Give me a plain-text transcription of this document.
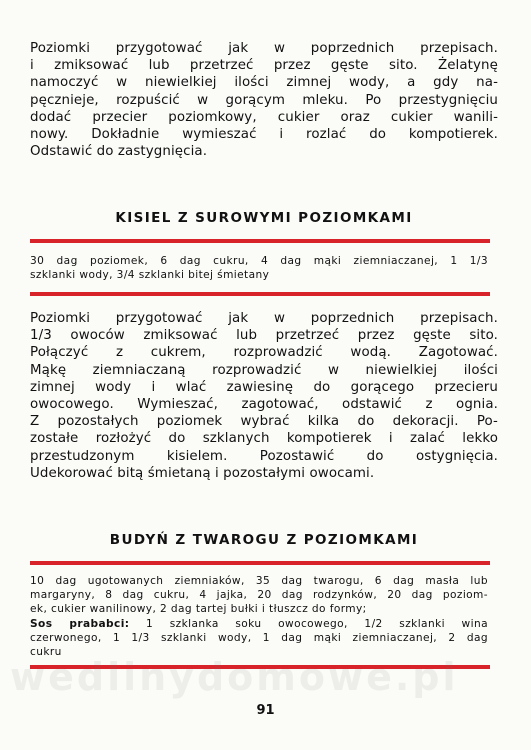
Poziomki przygotować jak w poprzednich przepisach.
i zmiksować lub przetrzeć przez gęste sito. Żelatynę
namoczyć w niewielkiej ilości zimnej wody, a gdy na-
pęcznieje, rozpuścić w gorącym mleku. Po przestygnięciu
dodać przecier poziomkowy, cukier oraz cukier wanili-
nowy. Dokładnie wymieszać i rozlać do kompotierek.
Odstawić do zastygnięcia.
KISIEL Z SUROWYMI POZIOMKAMI
30 dag poziomek, 6 dag cukru, 4 dag mąki ziemniaczanej, 1 1/3
szklanki wody, 3/4 szklanki bitej śmietany
Poziomki przygotować jak w poprzednich przepisach.
1/3 owoców zmiksować lub przetrzeć przez gęste sito.
Połączyć z cukrem, rozprowadzić wodą. Zagotować.
Mąkę ziemniaczaną rozprowadzić w niewielkiej ilości
zimnej wody i wlać zawiesinę do gorącego przecieru
owocowego. Wymieszać, zagotować, odstawić z ognia.
Z pozostałych poziomek wybrać kilka do dekoracji. Po-
zostałe rozłożyć do szklanych kompotierek i zalać lekko
przestudzonym kisielem. Pozostawić do ostygnięcia.
Udekorować bitą śmietaną i pozostałymi owocami.
BUDYŃ Z TWAROGU Z POZIOMKAMI
10 dag ugotowanych ziemniaków, 35 dag twarogu, 6 dag masła lub
margaryny, 8 dag cukru, 4 jajka, 20 dag rodzynków, 20 dag poziom-
ek, cukier wanilinowy, 2 dag tartej bułki i tłuszcz do formy;
Sos prababci: 1 szklanka soku owocowego, 1/2 szklanki wina
czerwonego, 1 1/3 szklanki wody, 1 dag mąki ziemniaczanej, 2 dag
cukru
wedlinydomowe.pl
91
